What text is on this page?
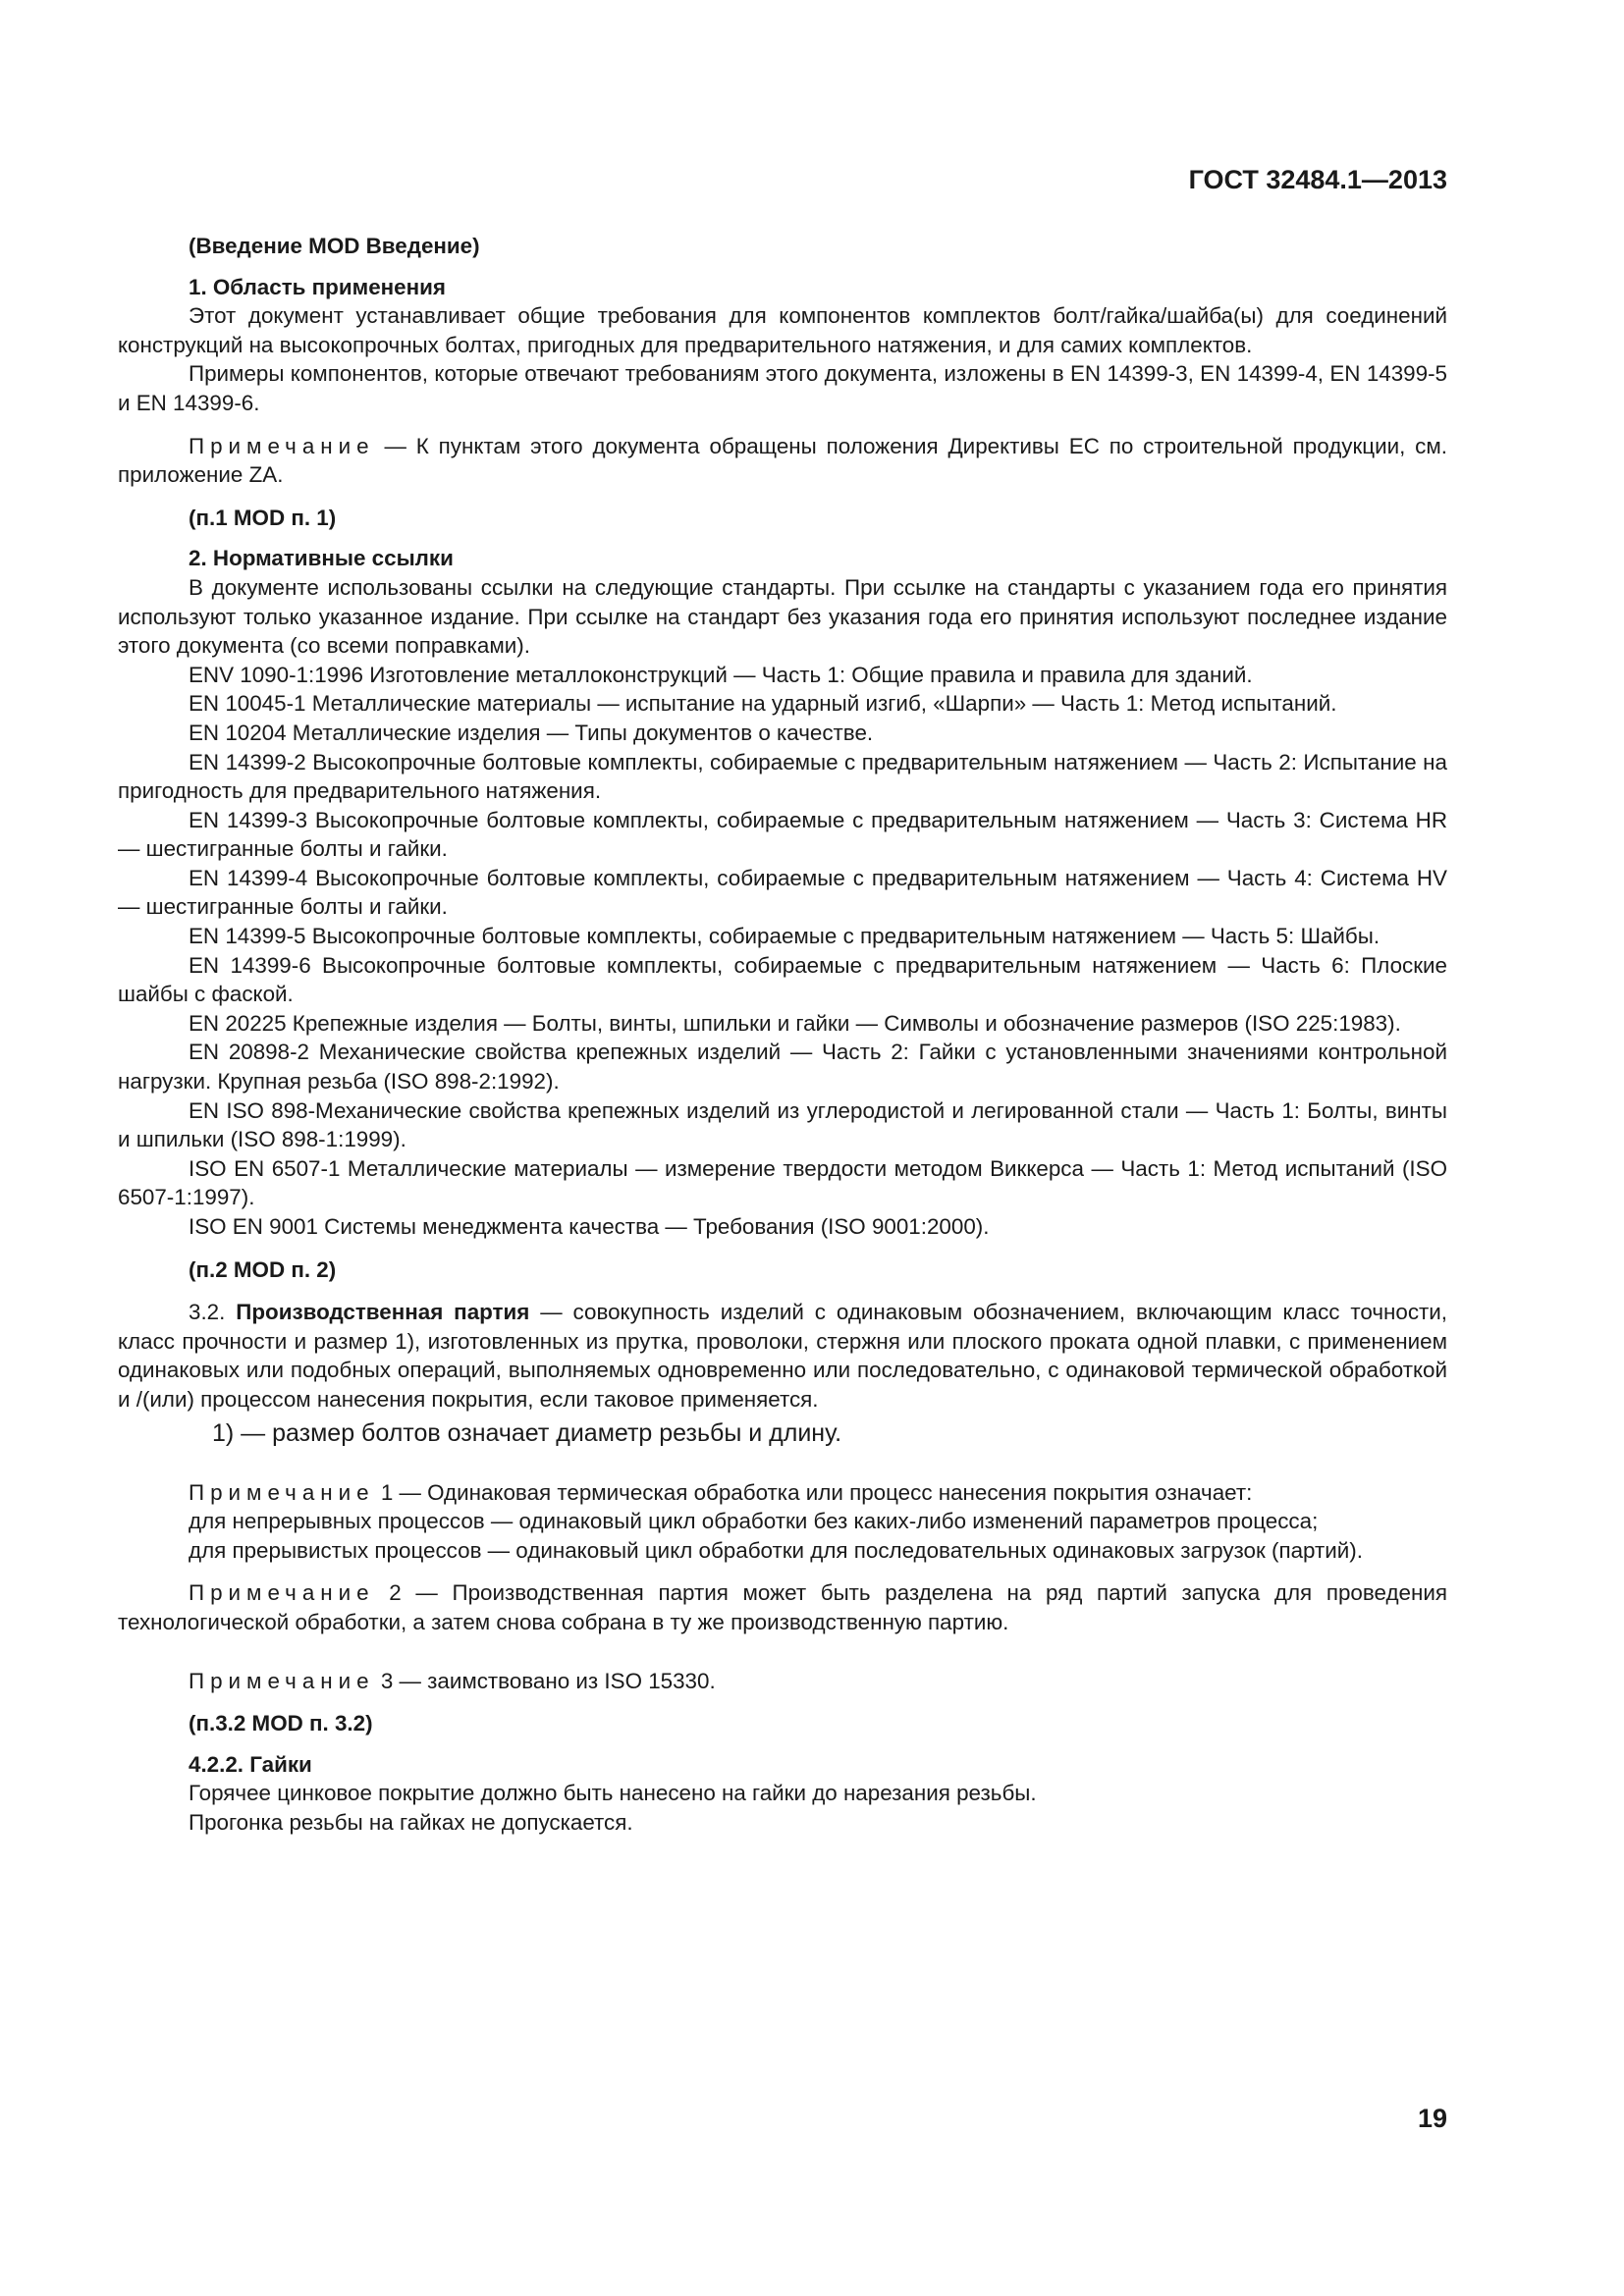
ГОСТ 32484.1—2013
(Введение MOD Введение)
1. Область применения

Этот документ устанавливает общие требования для компонентов комплектов болт/гайка/шайба(ы) для соединений конструкций на высокопрочных болтах, пригодных для предварительного натяжения, и для самих комплектов.

Примеры компонентов, которые отвечают требованиям этого документа, изложены в EN 14399-3, EN 14399-4, EN 14399-5 и EN 14399-6.

Примечание — К пунктам этого документа обращены положения Директивы ЕС по строительной продукции, см. приложение ZA.

(п.1 MOD п. 1)
2. Нормативные ссылки

В документе использованы ссылки на следующие стандарты. При ссылке на стандарты с указанием года его принятия используют только указанное издание. При ссылке на стандарт без указания года его принятия используют последнее издание этого документа (со всеми поправками).

ENV 1090-1:1996 Изготовление металлоконструкций — Часть 1: Общие правила и правила для зданий.

EN 10045-1 Металлические материалы — испытание на ударный изгиб, «Шарпи» — Часть 1: Метод испытаний.

EN 10204 Металлические изделия — Типы документов о качестве.

EN 14399-2 Высокопрочные болтовые комплекты, собираемые с предварительным натяжением — Часть 2: Испытание на пригодность для предварительного натяжения.

EN 14399-3 Высокопрочные болтовые комплекты, собираемые с предварительным натяжением — Часть 3: Система HR — шестигранные болты и гайки.

EN 14399-4 Высокопрочные болтовые комплекты, собираемые с предварительным натяжением — Часть 4: Система HV — шестигранные болты и гайки.

EN 14399-5 Высокопрочные болтовые комплекты, собираемые с предварительным натяжением — Часть 5: Шайбы.

EN 14399-6 Высокопрочные болтовые комплекты, собираемые с предварительным натяжением — Часть 6: Плоские шайбы с фаской.

EN 20225 Крепежные изделия — Болты, винты, шпильки и гайки — Символы и обозначение размеров (ISO 225:1983).

EN 20898-2 Механические свойства крепежных изделий — Часть 2: Гайки с установленными значениями контрольной нагрузки. Крупная резьба (ISO 898-2:1992).

EN ISO 898-Механические свойства крепежных изделий из углеродистой и легированной стали — Часть 1: Болты, винты и шпильки (ISO 898-1:1999).

ISO EN 6507-1 Металлические материалы — измерение твердости методом Виккерса — Часть 1: Метод испытаний (ISO 6507-1:1997).

ISO EN 9001 Системы менеджмента качества — Требования (ISO 9001:2000).

(п.2 MOD п. 2)

3.2. Производственная партия — совокупность изделий с одинаковым обозначением, включающим класс точности, класс прочности и размер 1), изготовленных из прутка, проволоки, стержня или плоского проката одной плавки, с применением одинаковых или подобных операций, выполняемых одновременно или последовательно, с одинаковой термической обработкой и /(или) процессом нанесения покрытия, если таковое применяется.

1) — размер болтов означает диаметр резьбы и длину.

Примечание 1 — Одинаковая термическая обработка или процесс нанесения покрытия означает:

для непрерывных процессов — одинаковый цикл обработки без каких-либо изменений параметров процесса;

для прерывистых процессов — одинаковый цикл обработки для последовательных одинаковых загрузок (партий).

Примечание 2 — Производственная партия может быть разделена на ряд партий запуска для проведения технологической обработки, а затем снова собрана в ту же производственную партию.

Примечание 3 — заимствовано из ISO 15330.

(п.3.2 MOD п. 3.2)
4.2.2. Гайки
Горячее цинковое покрытие должно быть нанесено на гайки до нарезания резьбы.
Прогонка резьбы на гайках не допускается.
19
